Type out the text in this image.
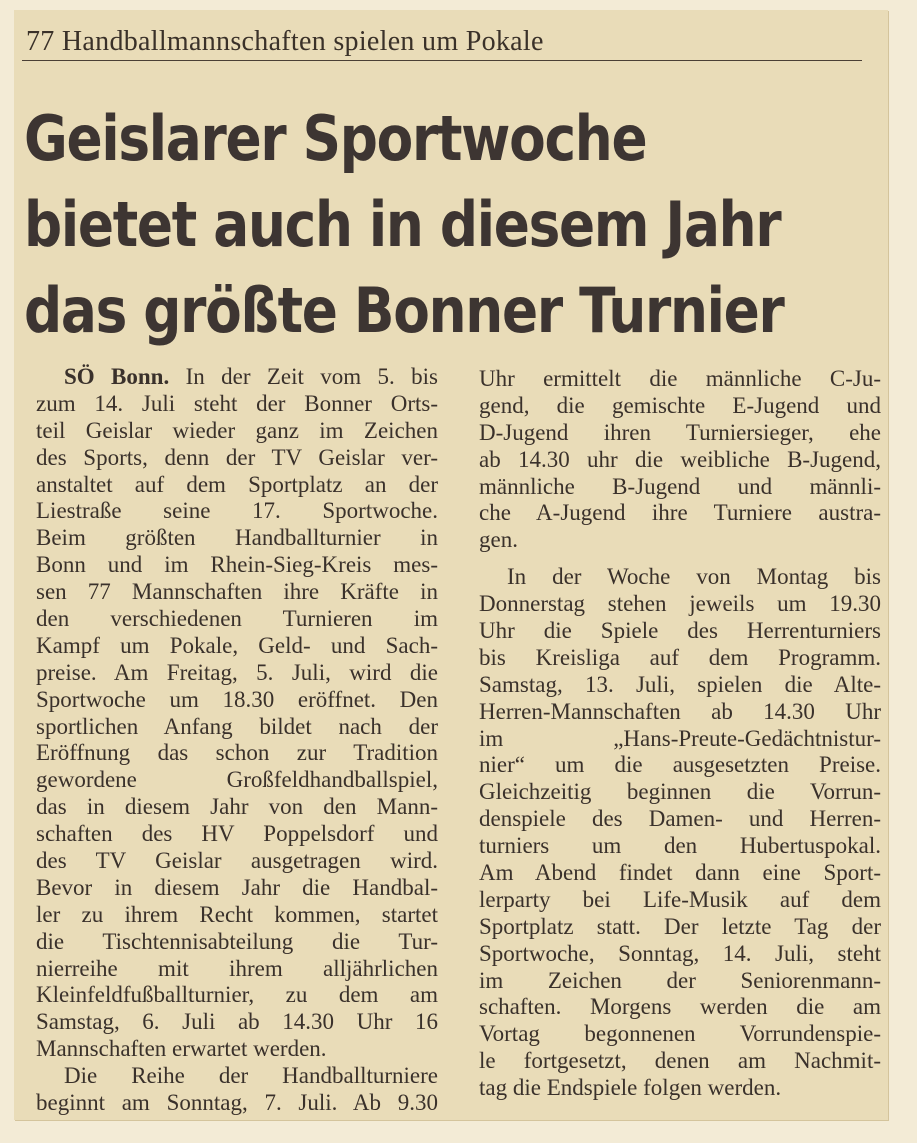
77 Handballmannschaften spielen um Pokale
Geislarer Sportwoche
bietet auch in diesem Jahr
das größte Bonner Turnier
SÖ Bonn. In der Zeit vom 5. bis
zum 14. Juli steht der Bonner Orts-
teil Geislar wieder ganz im Zeichen
des Sports, denn der TV Geislar ver-
anstaltet auf dem Sportplatz an der
Liestraße seine 17. Sportwoche.
Beim größten Handballturnier in
Bonn und im Rhein-Sieg-Kreis mes-
sen 77 Mannschaften ihre Kräfte in
den verschiedenen Turnieren im
Kampf um Pokale, Geld- und Sach-
preise. Am Freitag, 5. Juli, wird die
Sportwoche um 18.30 eröffnet. Den
sportlichen Anfang bildet nach der
Eröffnung das schon zur Tradition
gewordene Großfeldhandballspiel,
das in diesem Jahr von den Mann-
schaften des HV Poppelsdorf und
des TV Geislar ausgetragen wird.
Bevor in diesem Jahr die Handbal-
ler zu ihrem Recht kommen, startet
die Tischtennisabteilung die Tur-
nierreihe mit ihrem alljährlichen
Kleinfeldfußballturnier, zu dem am
Samstag, 6. Juli ab 14.30 Uhr 16
Mannschaften erwartet werden.
Die Reihe der Handballturniere
beginnt am Sonntag, 7. Juli. Ab 9.30
Uhr ermittelt die männliche C-Ju-
gend, die gemischte E-Jugend und
D-Jugend ihren Turniersieger, ehe
ab 14.30 uhr die weibliche B-Jugend,
männliche B-Jugend und männli-
che A-Jugend ihre Turniere austra-
gen.
In der Woche von Montag bis
Donnerstag stehen jeweils um 19.30
Uhr die Spiele des Herrenturniers
bis Kreisliga auf dem Programm.
Samstag, 13. Juli, spielen die Alte-
Herren-Mannschaften ab 14.30 Uhr
im „Hans-Preute-Gedächtnistur-
nier“ um die ausgesetzten Preise.
Gleichzeitig beginnen die Vorrun-
denspiele des Damen- und Herren-
turniers um den Hubertuspokal.
Am Abend findet dann eine Sport-
lerparty bei Life-Musik auf dem
Sportplatz statt. Der letzte Tag der
Sportwoche, Sonntag, 14. Juli, steht
im Zeichen der Seniorenmann-
schaften. Morgens werden die am
Vortag begonnenen Vorrundenspie-
le fortgesetzt, denen am Nachmit-
tag die Endspiele folgen werden.
